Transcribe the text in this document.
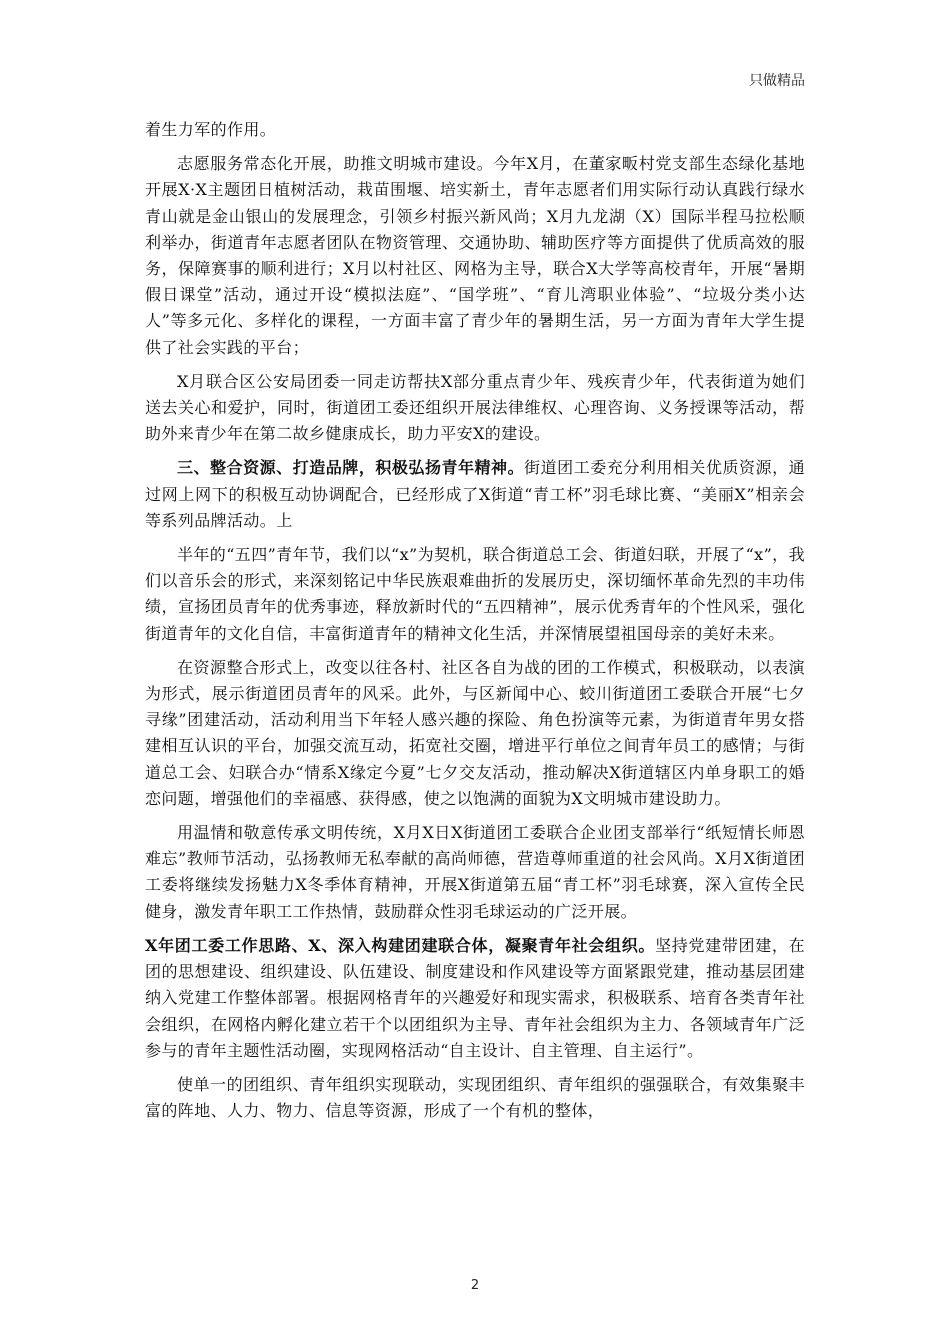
只做精品

着生力军的作用。

志愿服务常态化开展，助推文明城市建设。今年X月，在董家畈村党支部生态绿化基地开展X·X主题团日植树活动，栽苗围堰、培实新土，青年志愿者们用实际行动认真践行绿水青山就是金山银山的发展理念，引领乡村振兴新风尚；X月九龙湖（X）国际半程马拉松顺利举办，街道青年志愿者团队在物资管理、交通协助、辅助医疗等方面提供了优质高效的服务，保障赛事的顺利进行；X月以村社区、网格为主导，联合X大学等高校青年，开展“暑期假日课堂”活动，通过开设“模拟法庭”、“国学班”、“育儿湾职业体验”、“垃圾分类小达人”等多元化、多样化的课程，一方面丰富了青少年的暑期生活，另一方面为青年大学生提供了社会实践的平台；

X月联合区公安局团委一同走访帮扶X部分重点青少年、残疾青少年，代表街道为她们送去关心和爱护，同时，街道团工委还组织开展法律维权、心理咨询、义务授课等活动，帮助外来青少年在第二故乡健康成长，助力平安X的建设。

三、整合资源、打造品牌，积极弘扬青年精神。街道团工委充分利用相关优质资源，通过网上网下的积极互动协调配合，已经形成了X街道“青工杯”羽毛球比赛、“美丽X”相亲会等系列品牌活动。上

半年的“五四”青年节，我们以“x”为契机，联合街道总工会、街道妇联，开展了“x”，我们以音乐会的形式，来深刻铭记中华民族艰难曲折的发展历史，深切缅怀革命先烈的丰功伟绩，宣扬团员青年的优秀事迹，释放新时代的“五四精神”，展示优秀青年的个性风采，强化街道青年的文化自信，丰富街道青年的精神文化生活，并深情展望祖国母亲的美好未来。

在资源整合形式上，改变以往各村、社区各自为战的团的工作模式，积极联动，以表演为形式，展示街道团员青年的风采。此外，与区新闻中心、蛟川街道团工委联合开展“七夕寻缘”团建活动，活动利用当下年轻人感兴趣的探险、角色扮演等元素，为街道青年男女搭建相互认识的平台，加强交流互动，拓宽社交圈，增进平行单位之间青年员工的感情；与街道总工会、妇联合办“情系X缘定今夏”七夕交友活动，推动解决X街道辖区内单身职工的婚恋问题，增强他们的幸福感、获得感，使之以饱满的面貌为X文明城市建设助力。

用温情和敬意传承文明传统，X月X日X街道团工委联合企业团支部举行“纸短情长师恩难忘”教师节活动，弘扬教师无私奉献的高尚师德，营造尊师重道的社会风尚。X月X街道团工委将继续发扬魅力X冬季体育精神，开展X街道第五届“青工杯”羽毛球赛，深入宣传全民健身，激发青年职工工作热情，鼓励群众性羽毛球运动的广泛开展。

X年团工委工作思路、X、深入构建团建联合体，凝聚青年社会组织。坚持党建带团建，在团的思想建设、组织建设、队伍建设、制度建设和作风建设等方面紧跟党建，推动基层团建纳入党建工作整体部署。根据网格青年的兴趣爱好和现实需求，积极联系、培育各类青年社会组织，在网格内孵化建立若干个以团组织为主导、青年社会组织为主力、各领域青年广泛参与的青年主题性活动圈，实现网格活动“自主设计、自主管理、自主运行”。

使单一的团组织、青年组织实现联动，实现团组织、青年组织的强强联合，有效集聚丰富的阵地、人力、物力、信息等资源，形成了一个有机的整体，

2
